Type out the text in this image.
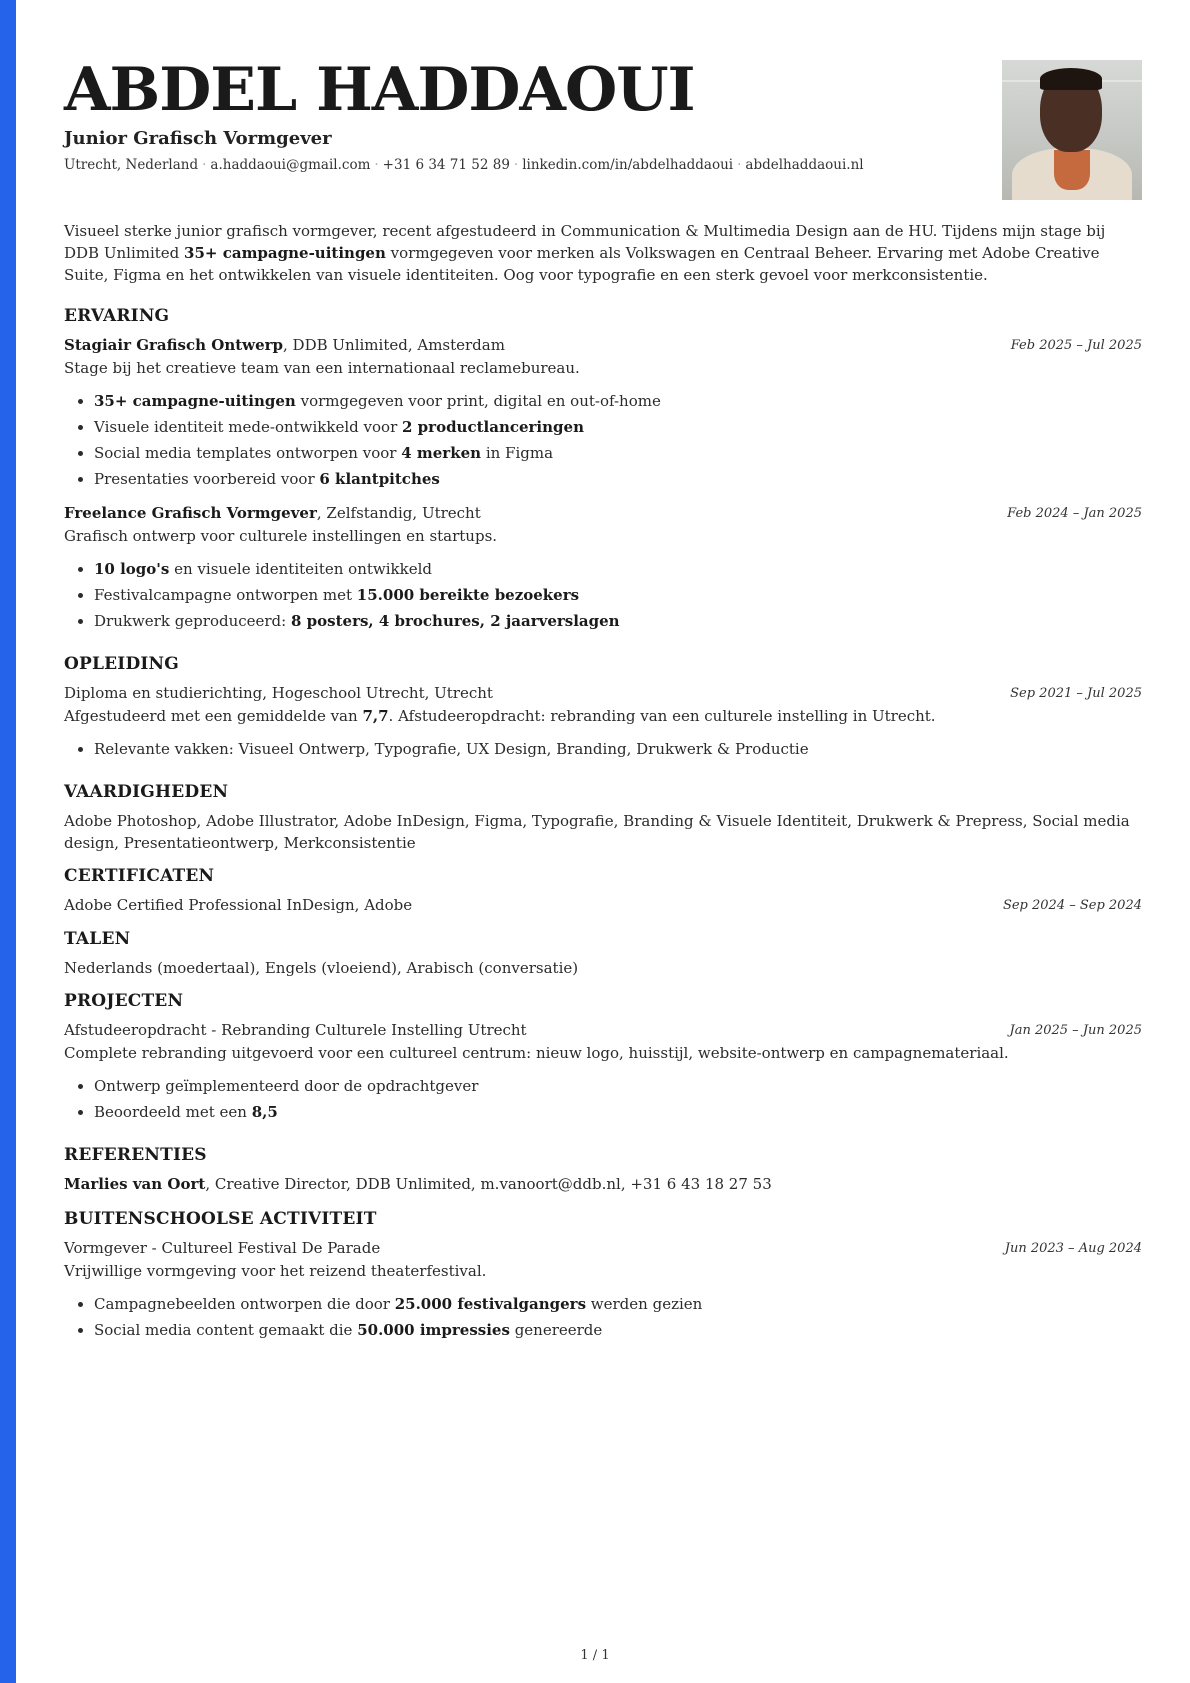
ABDEL HADDAOUI
Junior Grafisch Vormgever
Utrecht, Nederland · a.haddaoui@gmail.com · +31 6 34 71 52 89 · linkedin.com/in/abdelhaddaoui · abdelhaddaoui.nl
Visueel sterke junior grafisch vormgever, recent afgestudeerd in Communication & Multimedia Design aan de HU. Tijdens mijn stage bij DDB Unlimited 35+ campagne-uitingen vormgegeven voor merken als Volkswagen en Centraal Beheer. Ervaring met Adobe Creative Suite, Figma en het ontwikkelen van visuele identiteiten. Oog voor typografie en een sterk gevoel voor merkconsistentie.
ERVARING
Stagiair Grafisch Ontwerp, DDB Unlimited, Amsterdam	Feb 2025 – Jul 2025
Stage bij het creatieve team van een internationaal reclamebureau.
• 35+ campagne-uitingen vormgegeven voor print, digital en out-of-home
• Visuele identiteit mede-ontwikkeld voor 2 productlanceringen
• Social media templates ontworpen voor 4 merken in Figma
• Presentaties voorbereid voor 6 klantpitches
Freelance Grafisch Vormgever, Zelfstandig, Utrecht	Feb 2024 – Jan 2025
Grafisch ontwerp voor culturele instellingen en startups.
• 10 logo's en visuele identiteiten ontwikkeld
• Festivalcampagne ontworpen met 15.000 bereikte bezoekers
• Drukwerk geproduceerd: 8 posters, 4 brochures, 2 jaarverslagen
OPLEIDING
Diploma en studierichting, Hogeschool Utrecht, Utrecht	Sep 2021 – Jul 2025
Afgestudeerd met een gemiddelde van 7,7. Afstudeeropdracht: rebranding van een culturele instelling in Utrecht.
• Relevante vakken: Visueel Ontwerp, Typografie, UX Design, Branding, Drukwerk & Productie
VAARDIGHEDEN
Adobe Photoshop, Adobe Illustrator, Adobe InDesign, Figma, Typografie, Branding & Visuele Identiteit, Drukwerk & Prepress, Social media design, Presentatieontwerp, Merkconsistentie
CERTIFICATEN
Adobe Certified Professional InDesign, Adobe	Sep 2024 – Sep 2024
TALEN
Nederlands (moedertaal), Engels (vloeiend), Arabisch (conversatie)
PROJECTEN
Afstudeeropdracht - Rebranding Culturele Instelling Utrecht	Jan 2025 – Jun 2025
Complete rebranding uitgevoerd voor een cultureel centrum: nieuw logo, huisstijl, website-ontwerp en campagnemateriaal.
• Ontwerp geïmplementeerd door de opdrachtgever
• Beoordeeld met een 8,5
REFERENTIES
Marlies van Oort, Creative Director, DDB Unlimited, m.vanoort@ddb.nl, +31 6 43 18 27 53
BUITENSCHOOLSE ACTIVITEIT
Vormgever - Cultureel Festival De Parade	Jun 2023 – Aug 2024
Vrijwillige vormgeving voor het reizend theaterfestival.
• Campagnebeelden ontworpen die door 25.000 festivalgangers werden gezien
• Social media content gemaakt die 50.000 impressies genereerde
1 / 1
